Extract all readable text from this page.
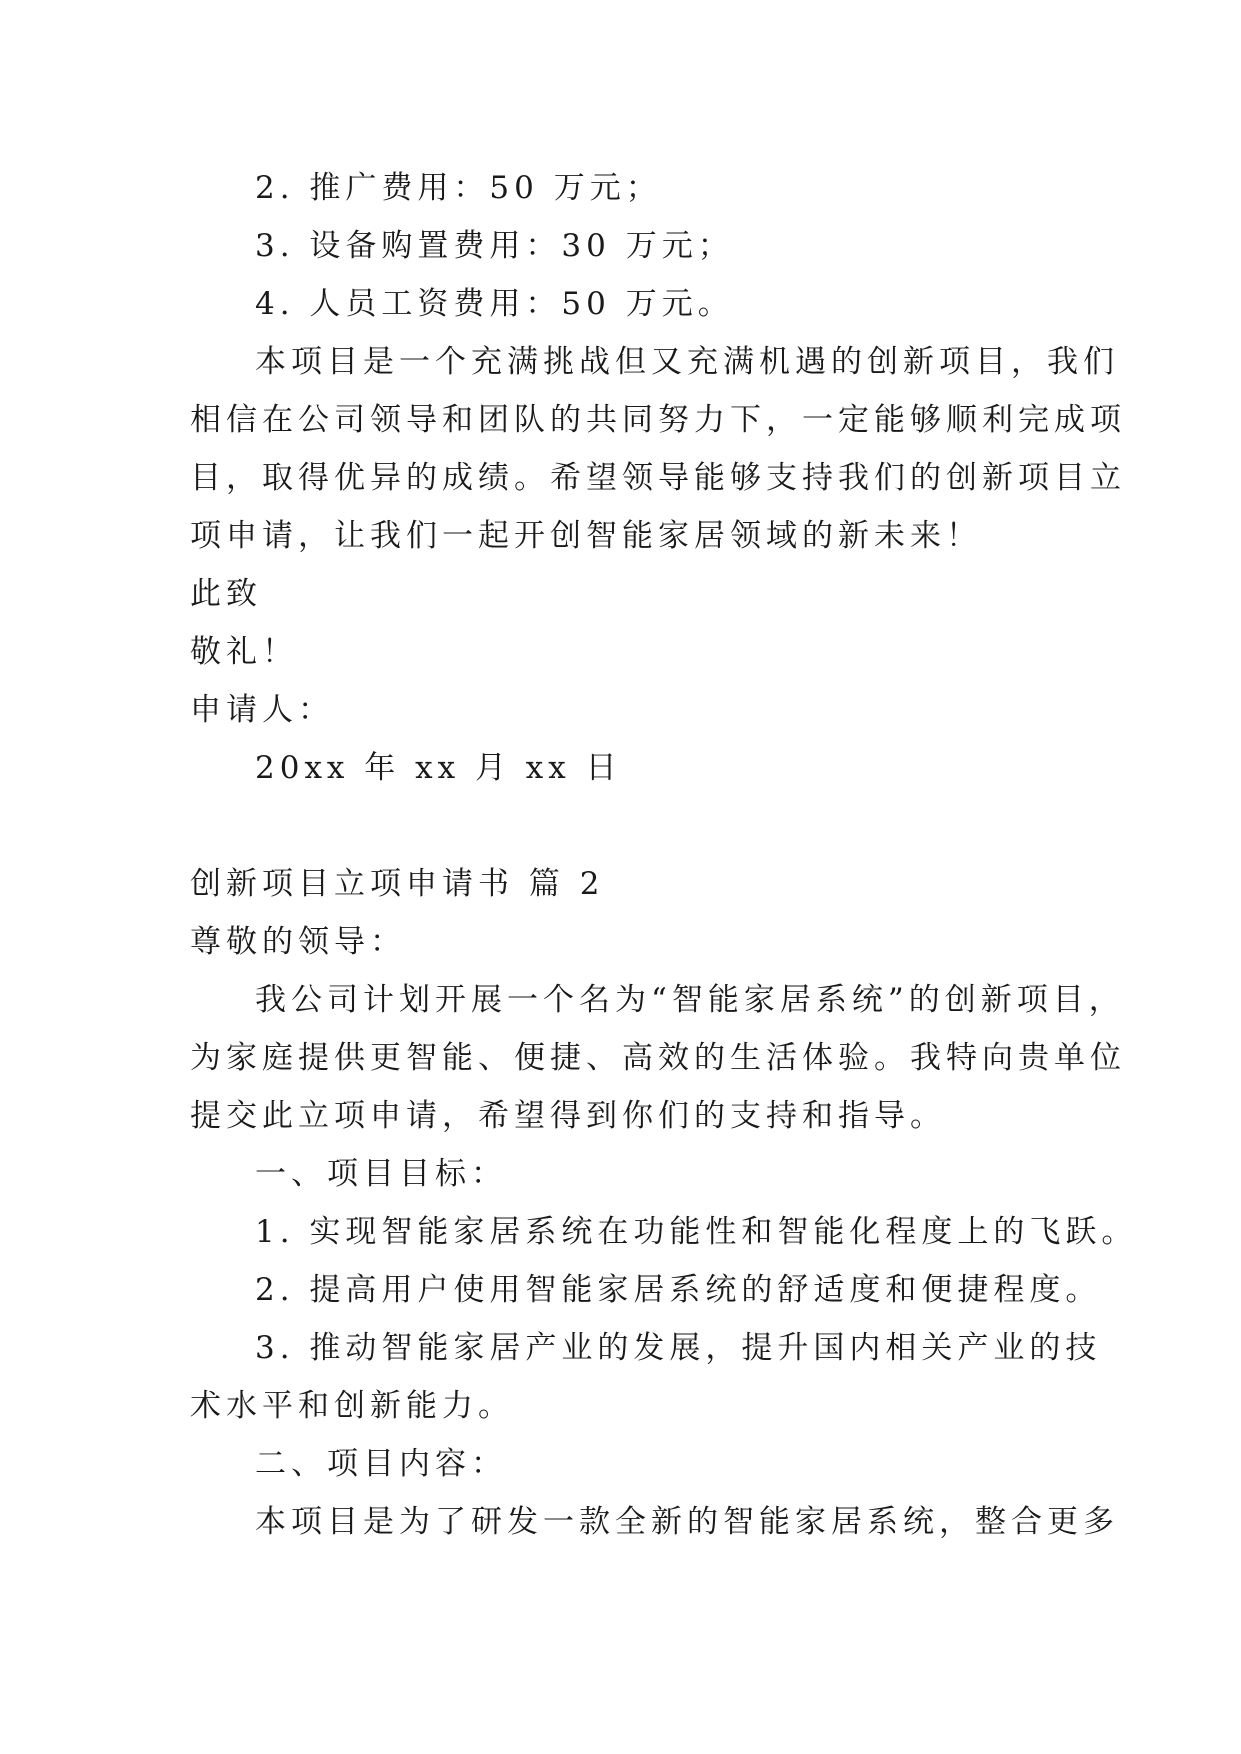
2. 推广费用：50 万元；

3. 设备购置费用：30 万元；

4. 人员工资费用：50 万元。

本项目是一个充满挑战但又充满机遇的创新项目，我们

相信在公司领导和团队的共同努力下，一定能够顺利完成项

目，取得优异的成绩。希望领导能够支持我们的创新项目立

项申请，让我们一起开创智能家居领域的新未来！

此致

敬礼！

申请人：

20xx 年 xx 月 xx 日

创新项目立项申请书 篇 2

尊敬的领导：

我公司计划开展一个名为“智能家居系统”的创新项目，

为家庭提供更智能、便捷、高效的生活体验。我特向贵单位

提交此立项申请，希望得到你们的支持和指导。

一、项目目标：

1. 实现智能家居系统在功能性和智能化程度上的飞跃。

2. 提高用户使用智能家居系统的舒适度和便捷程度。

3. 推动智能家居产业的发展，提升国内相关产业的技

术水平和创新能力。

二、项目内容：

本项目是为了研发一款全新的智能家居系统，整合更多
